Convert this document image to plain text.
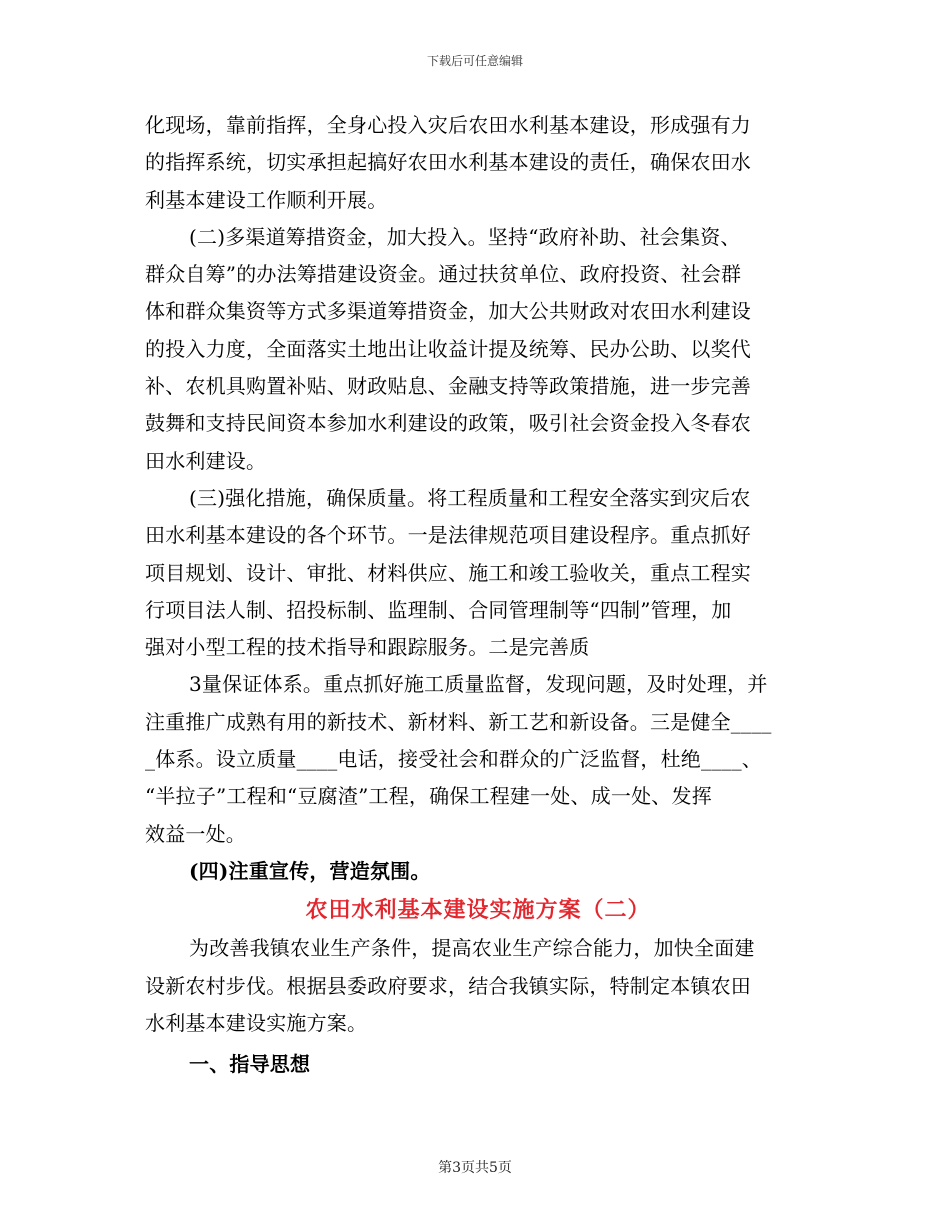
下载后可任意编辑

化现场，靠前指挥，全身心投入灾后农田水利基本建设，形成强有力
的指挥系统，切实承担起搞好农田水利基本建设的责任，确保农田水
利基本建设工作顺利开展。

(二)多渠道筹措资金，加大投入。坚持“政府补助、社会集资、
群众自筹”的办法筹措建设资金。通过扶贫单位、政府投资、社会群
体和群众集资等方式多渠道筹措资金，加大公共财政对农田水利建设
的投入力度，全面落实土地出让收益计提及统筹、民办公助、以奖代
补、农机具购置补贴、财政贴息、金融支持等政策措施，进一步完善
鼓舞和支持民间资本参加水利建设的政策，吸引社会资金投入冬春农
田水利建设。

(三)强化措施，确保质量。将工程质量和工程安全落实到灾后农
田水利基本建设的各个环节。一是法律规范项目建设程序。重点抓好
项目规划、设计、审批、材料供应、施工和竣工验收关，重点工程实
行项目法人制、招投标制、监理制、合同管理制等“四制”管理，加
强对小型工程的技术指导和跟踪服务。二是完善质

3量保证体系。重点抓好施工质量监督，发现问题，及时处理，并
注重推广成熟有用的新技术、新材料、新工艺和新设备。三是健全____
_体系。设立质量____电话，接受社会和群众的广泛监督，杜绝____、
“半拉子”工程和“豆腐渣”工程，确保工程建一处、成一处、发挥
效益一处。

(四)注重宣传，营造氛围。

农田水利基本建设实施方案（二）

为改善我镇农业生产条件，提高农业生产综合能力，加快全面建
设新农村步伐。根据县委政府要求，结合我镇实际，特制定本镇农田
水利基本建设实施方案。

一、指导思想

第3页共5页
